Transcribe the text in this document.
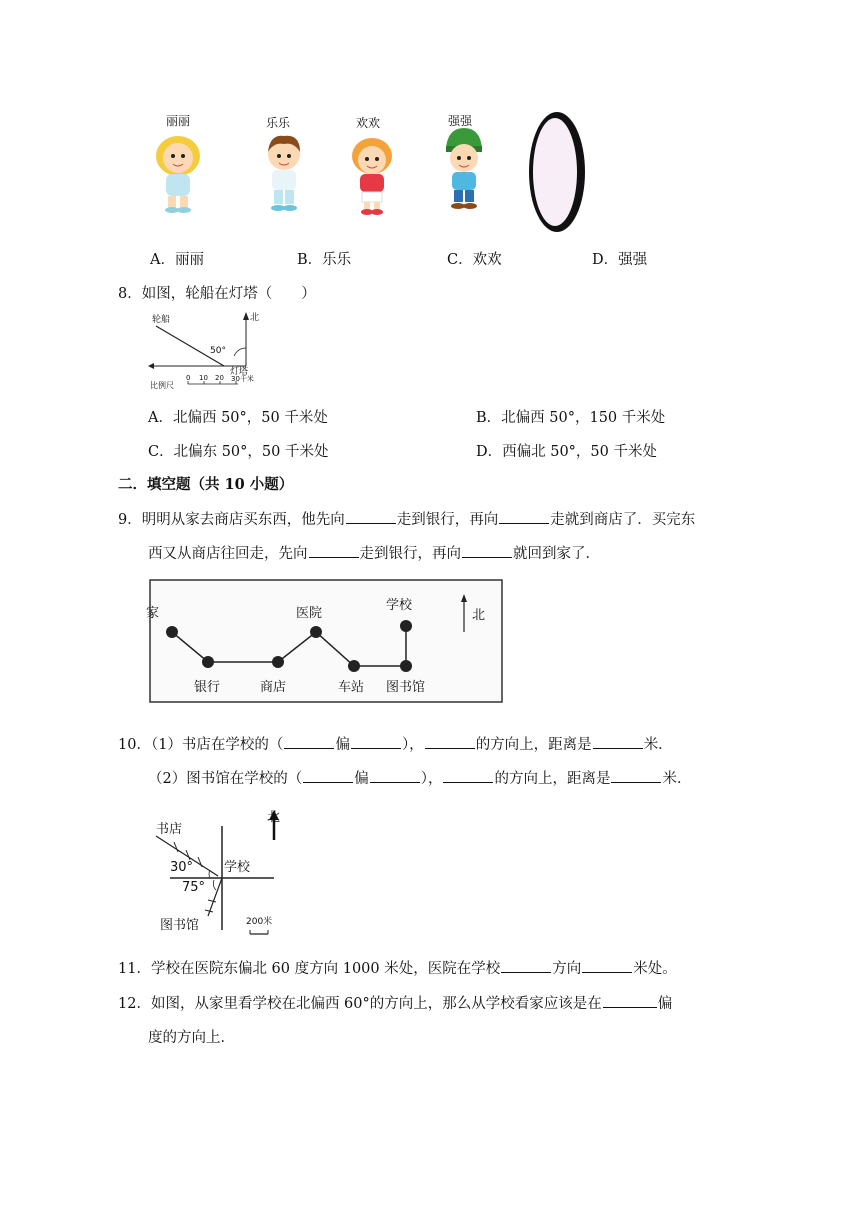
丽丽	乐乐	欢欢	强强
A．丽丽	B．乐乐	C．欢欢	D．强强
8．如图，轮船在灯塔（　　）
轮船	北
50°
灯塔
比例尺
0 10 20 30千米
A．北偏西 50°，50 千米处	B．北偏西 50°，150 千米处
C．北偏东 50°，50 千米处	D．西偏北 50°，50 千米处
二．填空题（共 10 小题）
9．明明从家去商店买东西，他先向	走到银行，再向	走就到商店了．买完东
西又从商店往回走，先向	走到银行，再向	就回到家了．
家	医院
学校
北
银行	商店	车站 图书馆
10．（1）书店在学校的（	偏	），	的方向上，距离是	米．
（2）图书馆在学校的（	偏	），	的方向上，距离是	米．
书店
北
30° 学校
75°
图书馆	200米
11．学校在医院东偏北 60 度方向 1000 米处，医院在学校	方向	米处。
12．如图，从家里看学校在北偏西 60°的方向上，那么从学校看家应该是在	偏
度的方向上．
